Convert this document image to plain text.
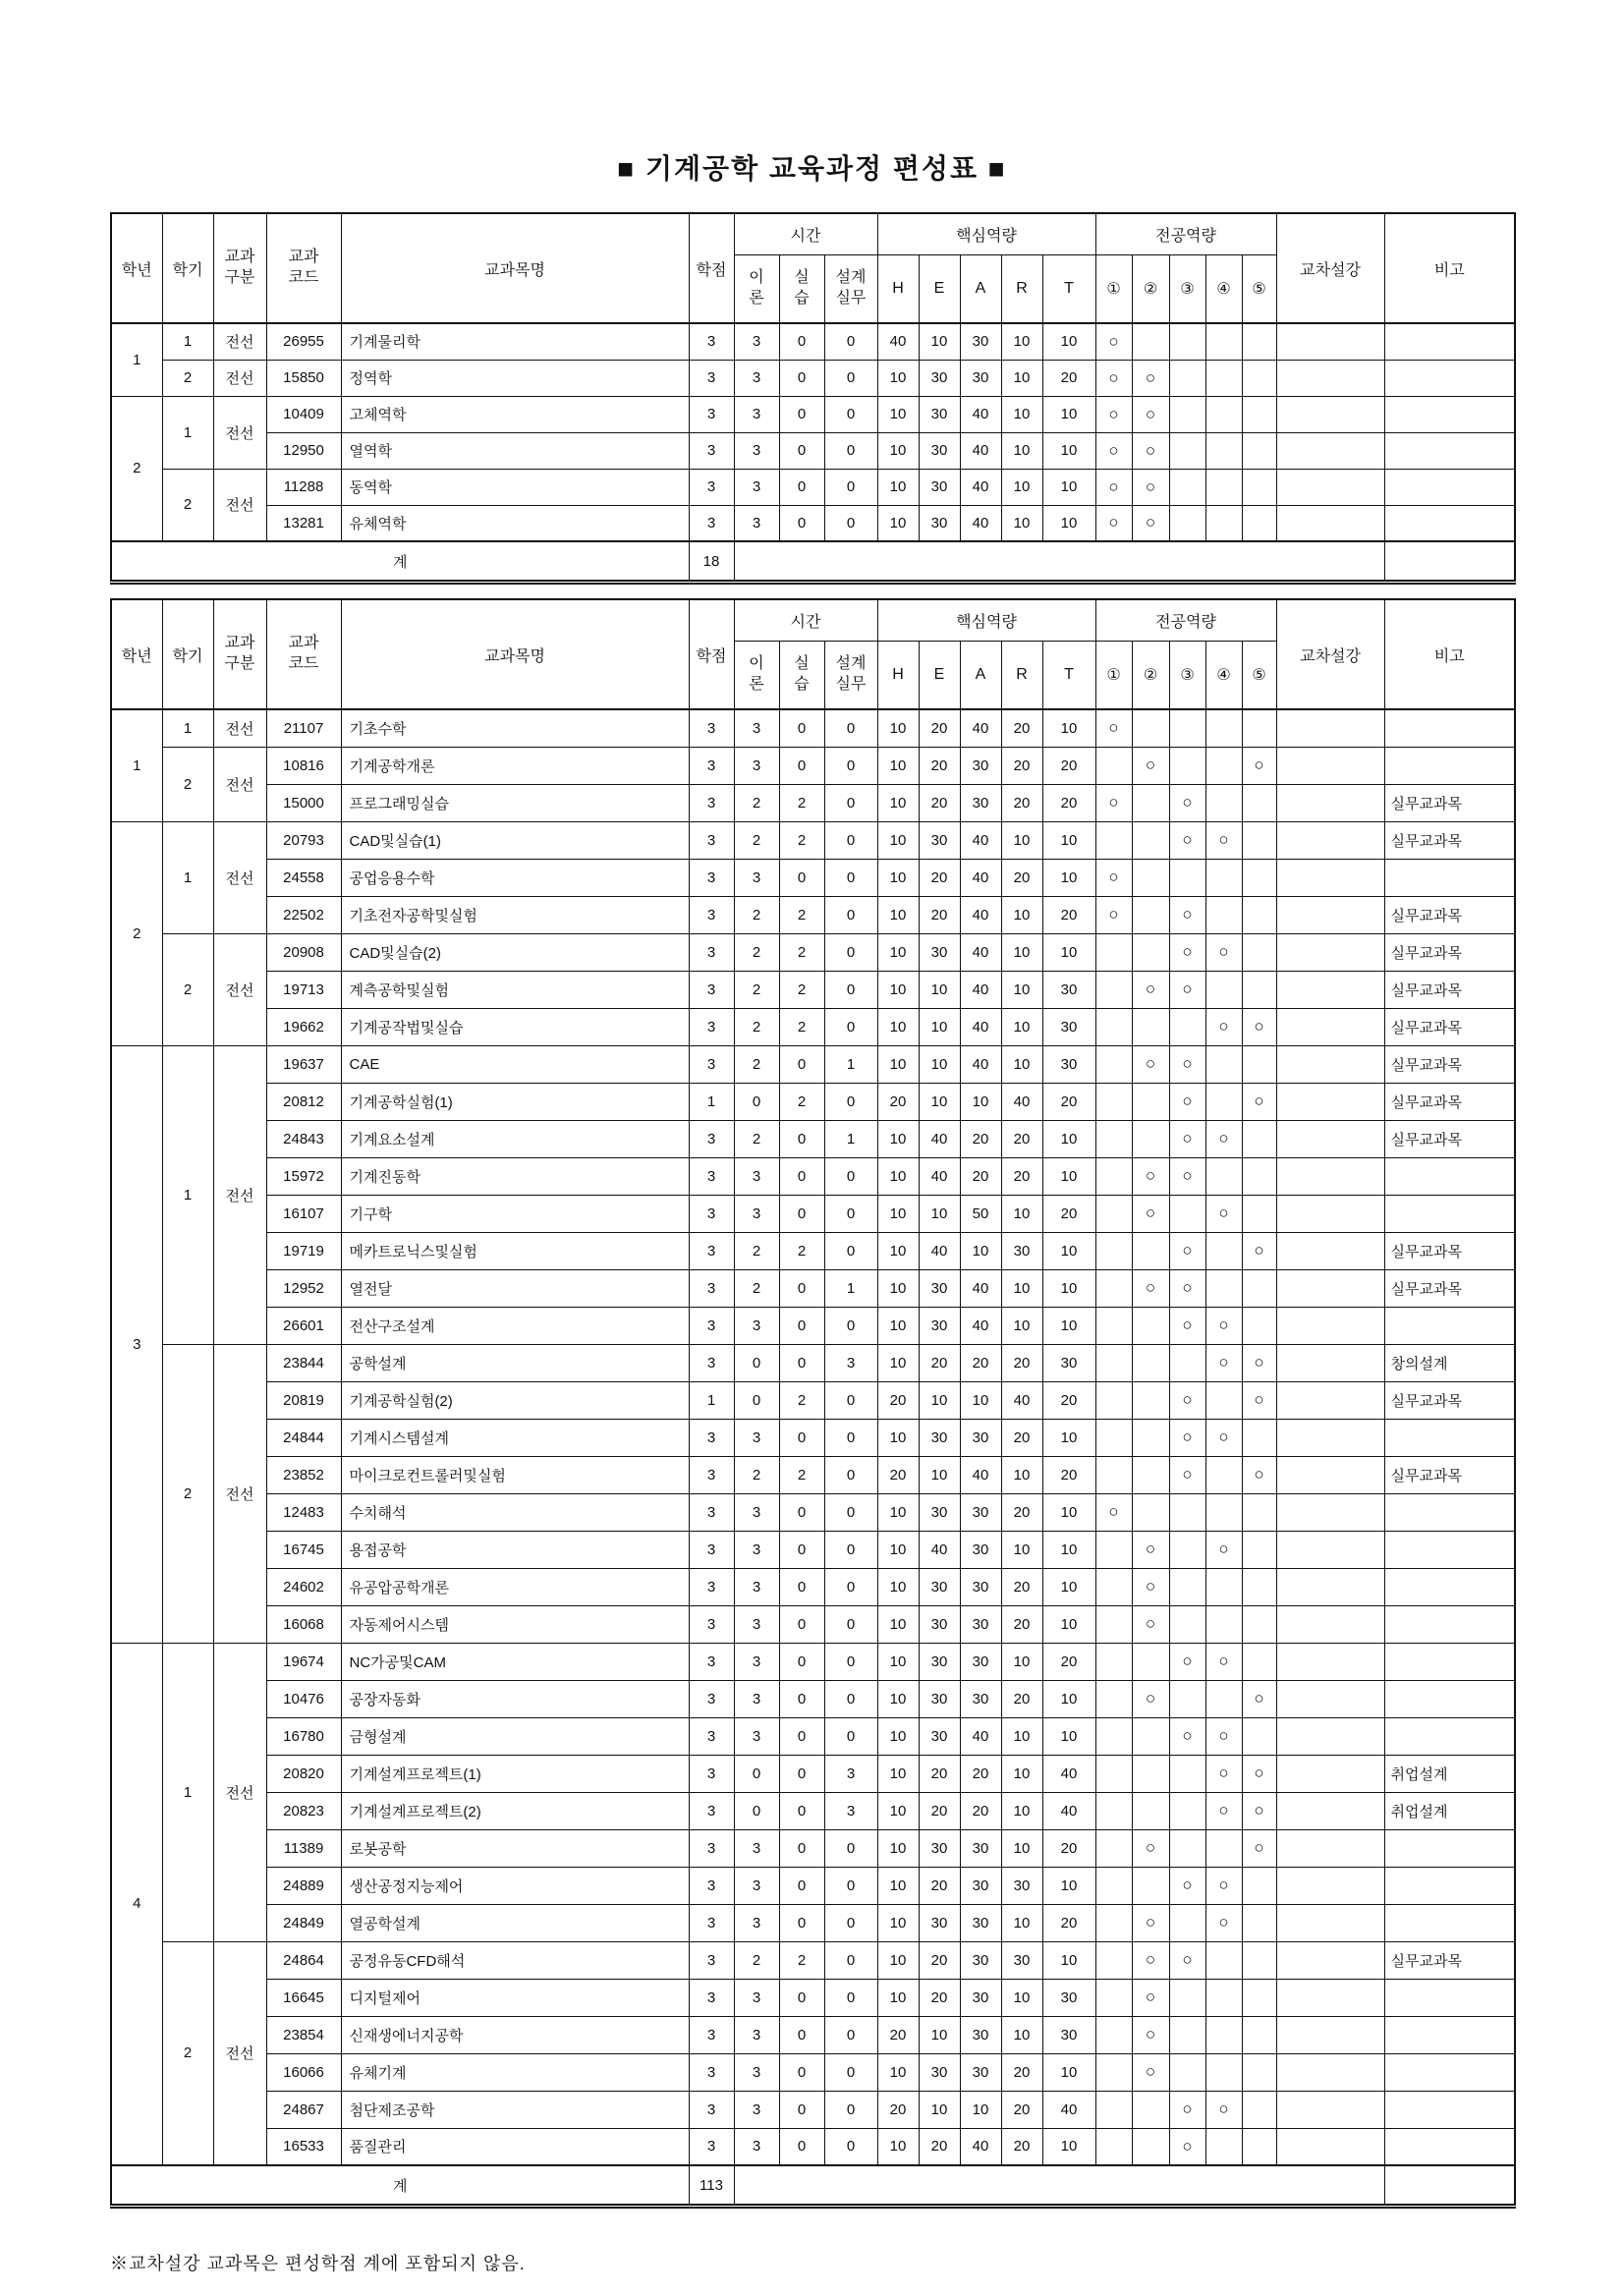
■ 기계공학 교육과정 편성표 ■
학년	학기	교과구분	교과코드	교과목명	학점	시간			핵심역량					전공역량					교차설강	비고
						이론	실습	설계실무	H	E	A	R	T	①	②	③	④	⑤		
1	1	전선	26955	기계물리학	3	3	0	0	40	10	30	10	10	○						
	2	전선	15850	정역학	3	3	0	0	10	30	30	10	20	○	○					
2	1	전선	10409	고체역학	3	3	0	0	10	30	40	10	10	○	○					
			12950	열역학	3	3	0	0	10	30	40	10	10	○	○					
	2	전선	11288	동역학	3	3	0	0	10	30	40	10	10	○	○					
			13281	유체역학	3	3	0	0	10	30	40	10	10	○	○					
계					18															
학년	학기	교과구분	교과코드	교과목명	학점	시간			핵심역량					전공역량					교차설강	비고
						이론	실습	설계실무	H	E	A	R	T	①	②	③	④	⑤		
1	1	전선	21107	기초수학	3	3	0	0	10	20	40	20	10	○						
	2	전선	10816	기계공학개론	3	3	0	0	10	20	30	20	20		○			○		
			15000	프로그래밍실습	3	2	2	0	10	20	30	20	20	○		○				실무교과목
2	1	전선	20793	CAD및실습(1)	3	2	2	0	10	30	40	10	10			○	○			실무교과목
			24558	공업응용수학	3	3	0	0	10	20	40	20	10	○						
			22502	기초전자공학및실험	3	2	2	0	10	20	40	10	20	○		○				실무교과목
	2	전선	20908	CAD및실습(2)	3	2	2	0	10	30	40	10	10			○	○			실무교과목
			19713	계측공학및실험	3	2	2	0	10	10	40	10	30		○	○				실무교과목
			19662	기계공작법및실습	3	2	2	0	10	10	40	10	30				○	○		실무교과목
3	1	전선	19637	CAE	3	2	0	1	10	10	40	10	30		○	○				실무교과목
			20812	기계공학실험(1)	1	0	2	0	20	10	10	40	20			○		○		실무교과목
			24843	기계요소설계	3	2	0	1	10	40	20	20	10			○	○			실무교과목
			15972	기계진동학	3	3	0	0	10	40	20	20	10		○	○				
			16107	기구학	3	3	0	0	10	10	50	10	20		○		○			
			19719	메카트로닉스및실험	3	2	2	0	10	40	10	30	10			○		○		실무교과목
			12952	열전달	3	2	0	1	10	30	40	10	10		○	○				실무교과목
			26601	전산구조설계	3	3	0	0	10	30	40	10	10			○	○			
	2	전선	23844	공학설계	3	0	0	3	10	20	20	20	30				○	○		창의설계
			20819	기계공학실험(2)	1	0	2	0	20	10	10	40	20			○		○		실무교과목
			24844	기계시스템설계	3	3	0	0	10	30	30	20	10			○	○			
			23852	마이크로컨트롤러및실험	3	2	2	0	20	10	40	10	20			○		○		실무교과목
			12483	수치해석	3	3	0	0	10	30	30	20	10	○						
			16745	용접공학	3	3	0	0	10	40	30	10	10		○		○			
			24602	유공압공학개론	3	3	0	0	10	30	30	20	10		○					
			16068	자동제어시스템	3	3	0	0	10	30	30	20	10		○					
4	1	전선	19674	NC가공및CAM	3	3	0	0	10	30	30	10	20			○	○			
			10476	공장자동화	3	3	0	0	10	30	30	20	10		○			○		
			16780	금형설계	3	3	0	0	10	30	40	10	10			○	○			
			20820	기계설계프로젝트(1)	3	0	0	3	10	20	20	10	40				○	○		취업설계
			20823	기계설계프로젝트(2)	3	0	0	3	10	20	20	10	40				○	○		취업설계
			11389	로봇공학	3	3	0	0	10	30	30	10	20		○			○		
			24889	생산공정지능제어	3	3	0	0	10	20	30	30	10			○	○			
			24849	열공학설계	3	3	0	0	10	30	30	10	20		○		○			
	2	전선	24864	공정유동CFD해석	3	2	2	0	10	20	30	30	10		○	○				실무교과목
			16645	디지털제어	3	3	0	0	10	20	30	10	30		○					
			23854	신재생에너지공학	3	3	0	0	20	10	30	10	30		○					
			16066	유체기계	3	3	0	0	10	30	30	20	10		○					
			24867	첨단제조공학	3	3	0	0	20	10	10	20	40			○	○			
			16533	품질관리	3	3	0	0	10	20	40	20	10			○				
계					113															
※교차설강 교과목은 편성학점 계에 포함되지 않음.
